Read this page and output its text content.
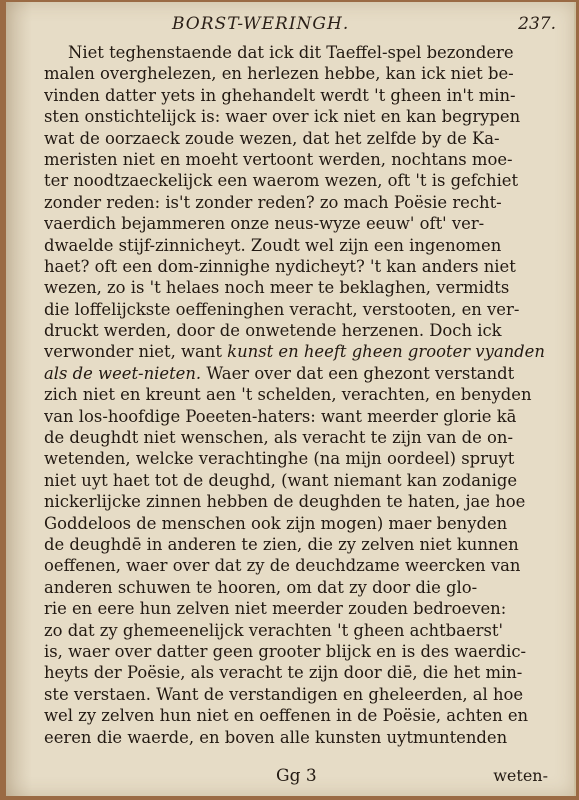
BORST-WERINGH.	237.
Niet teghenstaende dat ick dit Taeffel-spel bezondere
malen overghelezen, en herlezen hebbe, kan ick niet be-
vinden datter yets in ghehandelt werdt 't gheen in't min-
sten onstichtelijck is: waer over ick niet en kan begrypen
wat de oorzaeck zoude wezen, dat het zelfde by de Ka-
meristen niet en moeht vertoont werden, nochtans moe-
ter noodtzaeckelijck een waerom wezen, oft 't is gefchiet
zonder reden: is't zonder reden? zo mach Poësie recht-
vaerdich bejammeren onze neus-wyze eeuw' oft' ver-
dwaelde stijf-zinnicheyt. Zoudt wel zijn een ingenomen
haet? oft een dom-zinnighe nydicheyt? 't kan anders niet
wezen, zo is 't helaes noch meer te beklaghen, vermidts
die loffelijckste oeffeninghen veracht, verstooten, en ver-
druckt werden, door de onwetende herzenen. Doch ick
verwonder niet, want kunst en heeft gheen grooter vyanden
als de weet-nieten. Waer over dat een ghezont verstandt
zich niet en kreunt aen 't schelden, verachten, en benyden
van los-hoofdige Poeeten-haters: want meerder glorie kā
de deughdt niet wenschen, als veracht te zijn van de on-
wetenden, welcke verachtinghe (na mijn oordeel) spruyt
niet uyt haet tot de deughd, (want niemant kan zodanige
nickerlijcke zinnen hebben de deughden te haten, jae hoe
Goddeloos de menschen ook zijn mogen) maer benyden
de deughdē in anderen te zien, die zy zelven niet kunnen
oeffenen, waer over dat zy de deuchdzame weercken van
anderen schuwen te hooren, om dat zy door die glo-
rie en eere hun zelven niet meerder zouden bedroeven:
zo dat zy ghemeenelijck verachten 't gheen achtbaerst'
is, waer over datter geen grooter blijck en is des waerdic-
heyts der Poësie, als veracht te zijn door diē, die het min-
ste verstaen. Want de verstandigen en gheleerden, al hoe
wel zy zelven hun niet en oeffenen in de Poësie, achten en
eeren die waerde, en boven alle kunsten uytmuntenden
Gg 3	weten-
